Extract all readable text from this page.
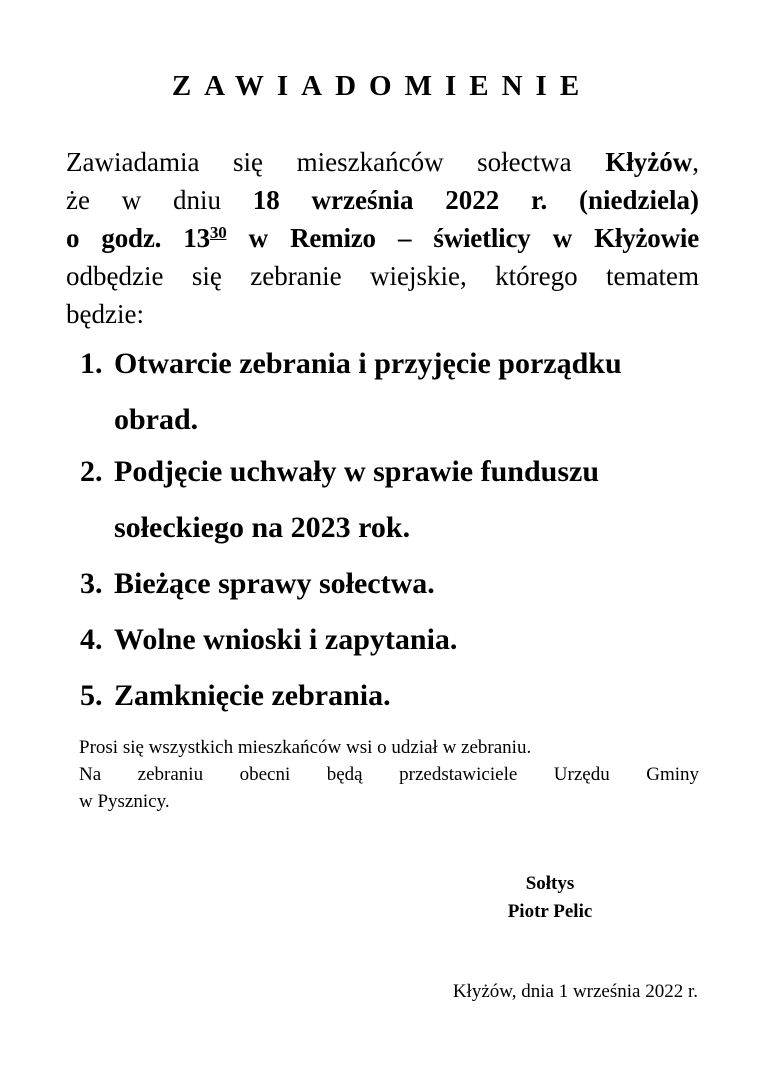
ZAWIADOMIENIE
Zawiadamia się mieszkańców sołectwa Kłyżów,
że w dniu 18 września 2022 r. (niedziela)
o godz. $13^{30}$ w Remizo – świetlicy w Kłyżowie
odbędzie się zebranie wiejskie, którego tematem
będzie:
1. Otwarcie zebrania i przyjęcie porządku
obrad.
2. Podjęcie uchwały w sprawie funduszu
sołeckiego na 2023 rok.
3. Bieżące sprawy sołectwa.
4. Wolne wnioski i zapytania.
5. Zamknięcie zebrania.
Prosi się wszystkich mieszkańców wsi o udział w zebraniu.
Na zebraniu obecni będą przedstawiciele Urzędu Gminy
w Pysznicy.
Sołtys
Piotr Pelic
Kłyżów, dnia 1 września 2022 r.
